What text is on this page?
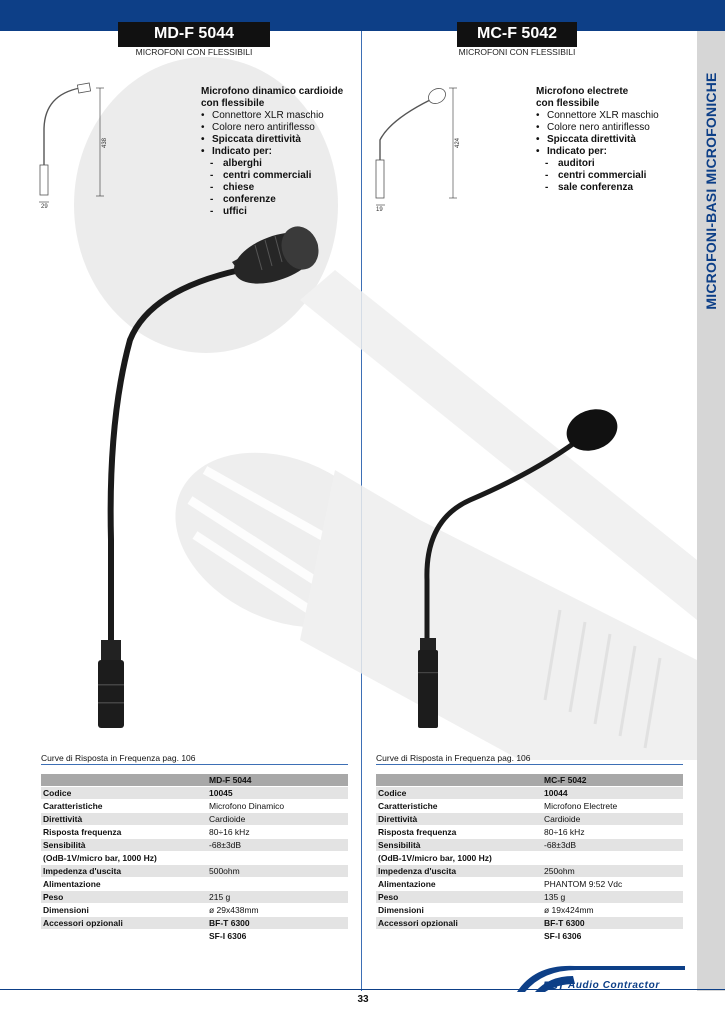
MICROFONI-BASI MICROFONICHE
MD-F 5044
MICROFONI CON FLESSIBILI
MC-F 5042
MICROFONI CON FLESSIBILI
438
29
424
19
Microfono dinamico cardioide
con flessibile
• Connettore XLR maschio
• Colore nero antiriflesso
• Spiccata direttività
• Indicato per:
- alberghi
- centri commerciali
- chiese
- conferenze
- uffici
Microfono electrete
con flessibile
• Connettore XLR maschio
• Colore nero antiriflesso
• Spiccata direttività
• Indicato per:
- auditori
- centri commerciali
- sale conferenza
Curve di Risposta in Frequenza pag. 106	Curve di Risposta in Frequenza pag. 106
	MD-F 5044
Codice	10045
Caratteristiche	Microfono Dinamico
Direttività	Cardioide
Risposta frequenza	80÷16 kHz
Sensibilità	-68±3dB
(OdB-1V/micro bar, 1000 Hz)	
Impedenza d'uscita	500ohm
Alimentazione	
Peso	215 g
Dimensioni	ø 29x438mm
Accessori opzionali	BF-T 6300
	SF-I 6306
	MC-F 5042
Codice	10044
Caratteristiche	Microfono Electrete
Direttività	Cardioide
Risposta frequenza	80÷16 kHz
Sensibilità	-68±3dB
(OdB-1V/micro bar, 1000 Hz)	
Impedenza d'uscita	250ohm
Alimentazione	PHANTOM 9:52 Vdc
Peso	135 g
Dimensioni	ø 19x424mm
Accessori opzionali	BF-T 6300
	SF-I 6306
33
FBT Audio Contractor
